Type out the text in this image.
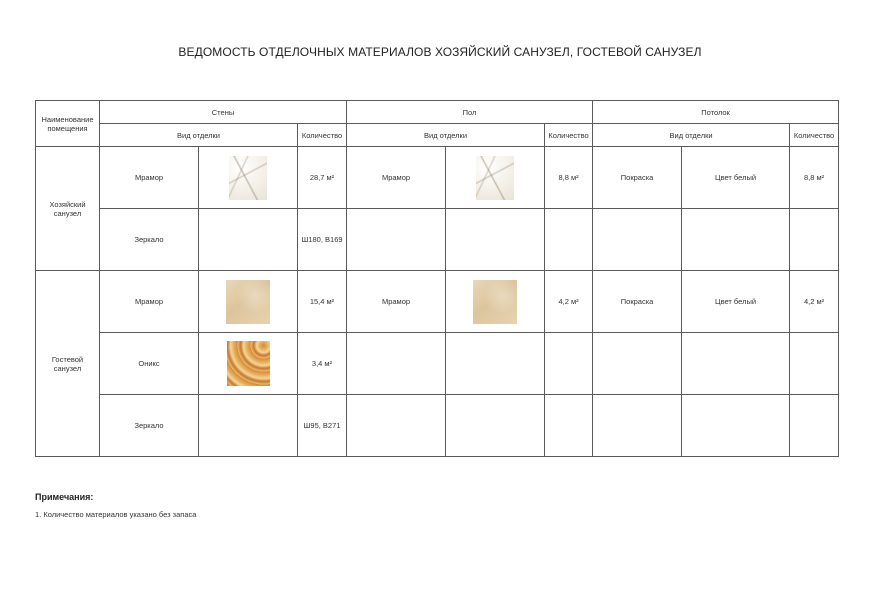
ВЕДОМОСТЬ ОТДЕЛОЧНЫХ МАТЕРИАЛОВ ХОЗЯЙСКИЙ САНУЗЕЛ, ГОСТЕВОЙ САНУЗЕЛ
Наименование помещения	Стены			Пол			Потолок		
	Вид отделки		Количество	Вид отделки		Количество	Вид отделки		Количество
Хозяйский санузел	Мрамор		28,7 м²	Мрамор		8,8 м²	Покраска	Цвет белый	8,8 м²
	Зеркало		Ш180, В169						
Гостевой санузел	Мрамор		15,4 м²	Мрамор		4,2 м²	Покраска	Цвет белый	4,2 м²
	Оникс		3,4 м²						
	Зеркало		Ш95, В271						
Примечания:
1. Количество материалов указано без запаса
